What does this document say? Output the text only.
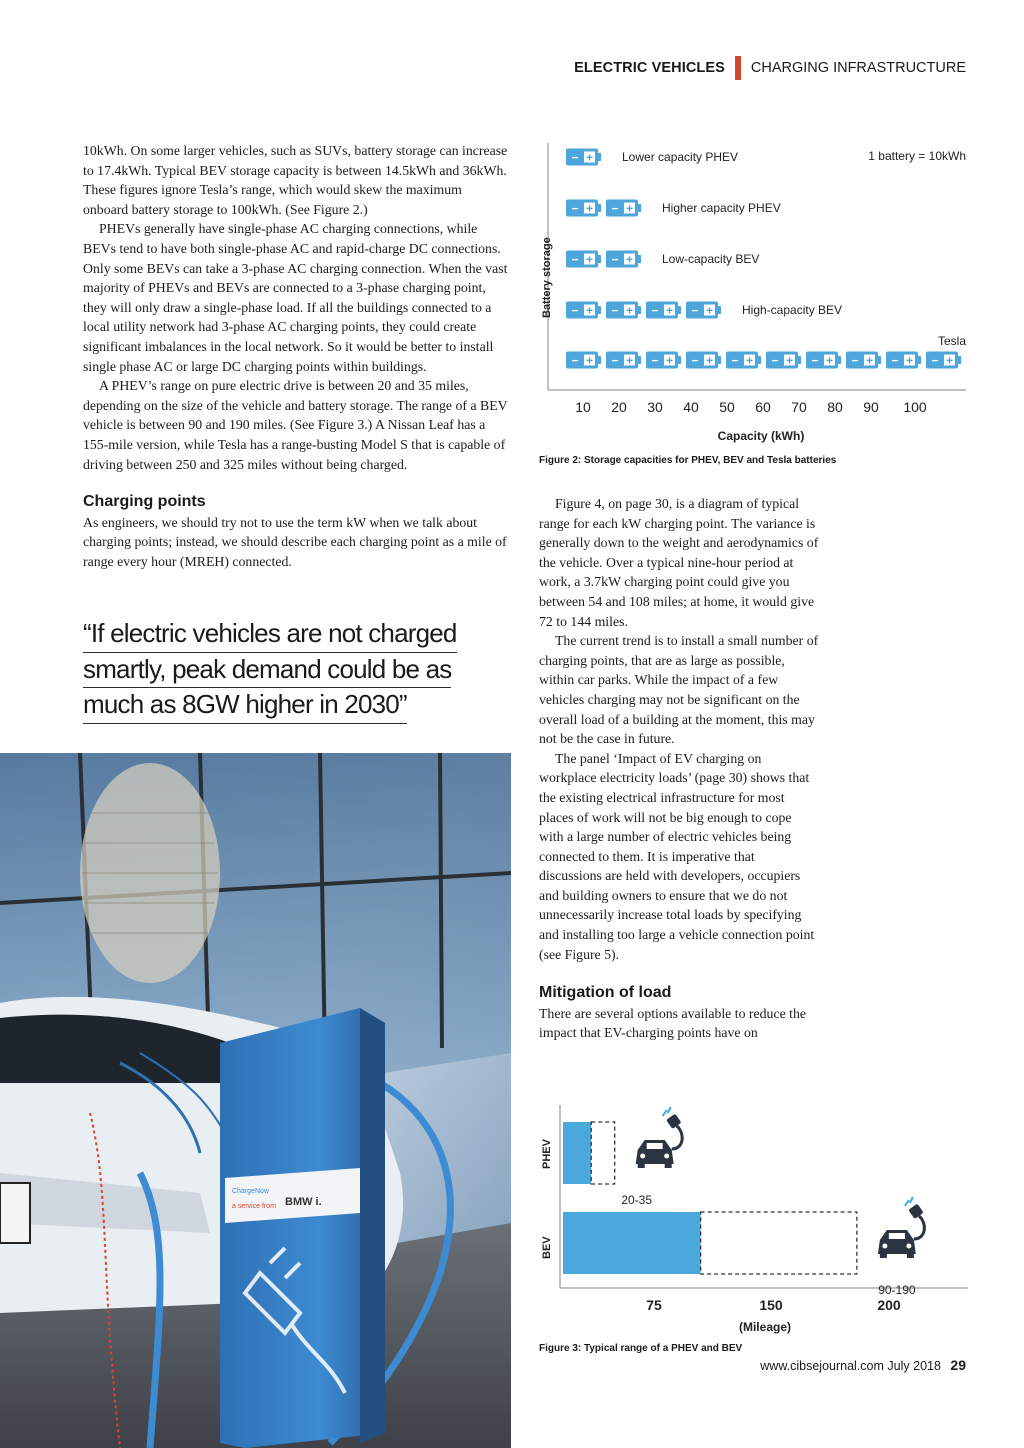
ELECTRIC VEHICLES CHARGING INFRASTRUCTURE

10kWh. On some larger vehicles, such as SUVs, battery storage can increase to 17.4kWh. Typical BEV storage capacity is between 14.5kWh and 36kWh. These figures ignore Tesla’s range, which would skew the maximum onboard battery storage to 100kWh. (See Figure 2.)

PHEVs generally have single-phase AC charging connections, while BEVs tend to have both single-phase AC and rapid-charge DC connections. Only some BEVs can take a 3-phase AC charging connection. When the vast majority of PHEVs and BEVs are connected to a 3-phase charging point, they will only draw a single-phase load. If all the buildings connected to a local utility network had 3-phase AC charging points, they could create significant imbalances in the local network. So it would be better to install single phase AC or large DC charging points within buildings.

A PHEV’s range on pure electric drive is between 20 and 35 miles, depending on the size of the vehicle and battery storage. The range of a BEV vehicle is between 90 and 190 miles. (See Figure 3.) A Nissan Leaf has a 155-mile version, while Tesla has a range-busting Model S that is capable of driving between 250 and 325 miles without being charged.

Charging points

As engineers, we should try not to use the term kW when we talk about charging points; instead, we should describe each charging point as a mile of range every hour (MREH) connected.

“If electric vehicles are not charged
smartly, peak demand could be as
much as 8GW higher in 2030”
ChargeNow
a service from BMW i.
Battery storage
1 battery = 10kWh
− + Lower capacity PHEV
− + − + Higher capacity PHEV
− + − + Low-capacity BEV
− + − + − + − + High-capacity BEV
− + − + − + − + − + − + − + − + − + − +
Tesla
10 20 30 40 50 60 70 80 90 100
Capacity (kWh)
Figure 2: Storage capacities for PHEV, BEV and Tesla batteries

Figure 4, on page 30, is a diagram of typical range for each kW charging point. The variance is generally down to the weight and aerodynamics of the vehicle. Over a typical nine-hour period at work, a 3.7kW charging point could give you between 54 and 108 miles; at home, it would give 72 to 144 miles.

The current trend is to install a small number of charging points, that are as large as possible, within car parks. While the impact of a few vehicles charging may not be significant on the overall load of a building at the moment, this may not be the case in future.

The panel ‘Impact of EV charging on workplace electricity loads’ (page 30) shows that the existing electrical infrastructure for most places of work will not be big enough to cope with a large number of electric vehicles being connected to them. It is imperative that discussions are held with developers, occupiers and building owners to ensure that we do not unnecessarily increase total loads by specifying and installing too large a vehicle connection point (see Figure 5).

Mitigation of load

There are several options available to reduce the impact that EV-charging points have on

PHEV
20-35
BEV
90-190
75	150	200
(Mileage)
Figure 3: Typical range of a PHEV and BEV
www.cibsejournal.com July 2018 29
